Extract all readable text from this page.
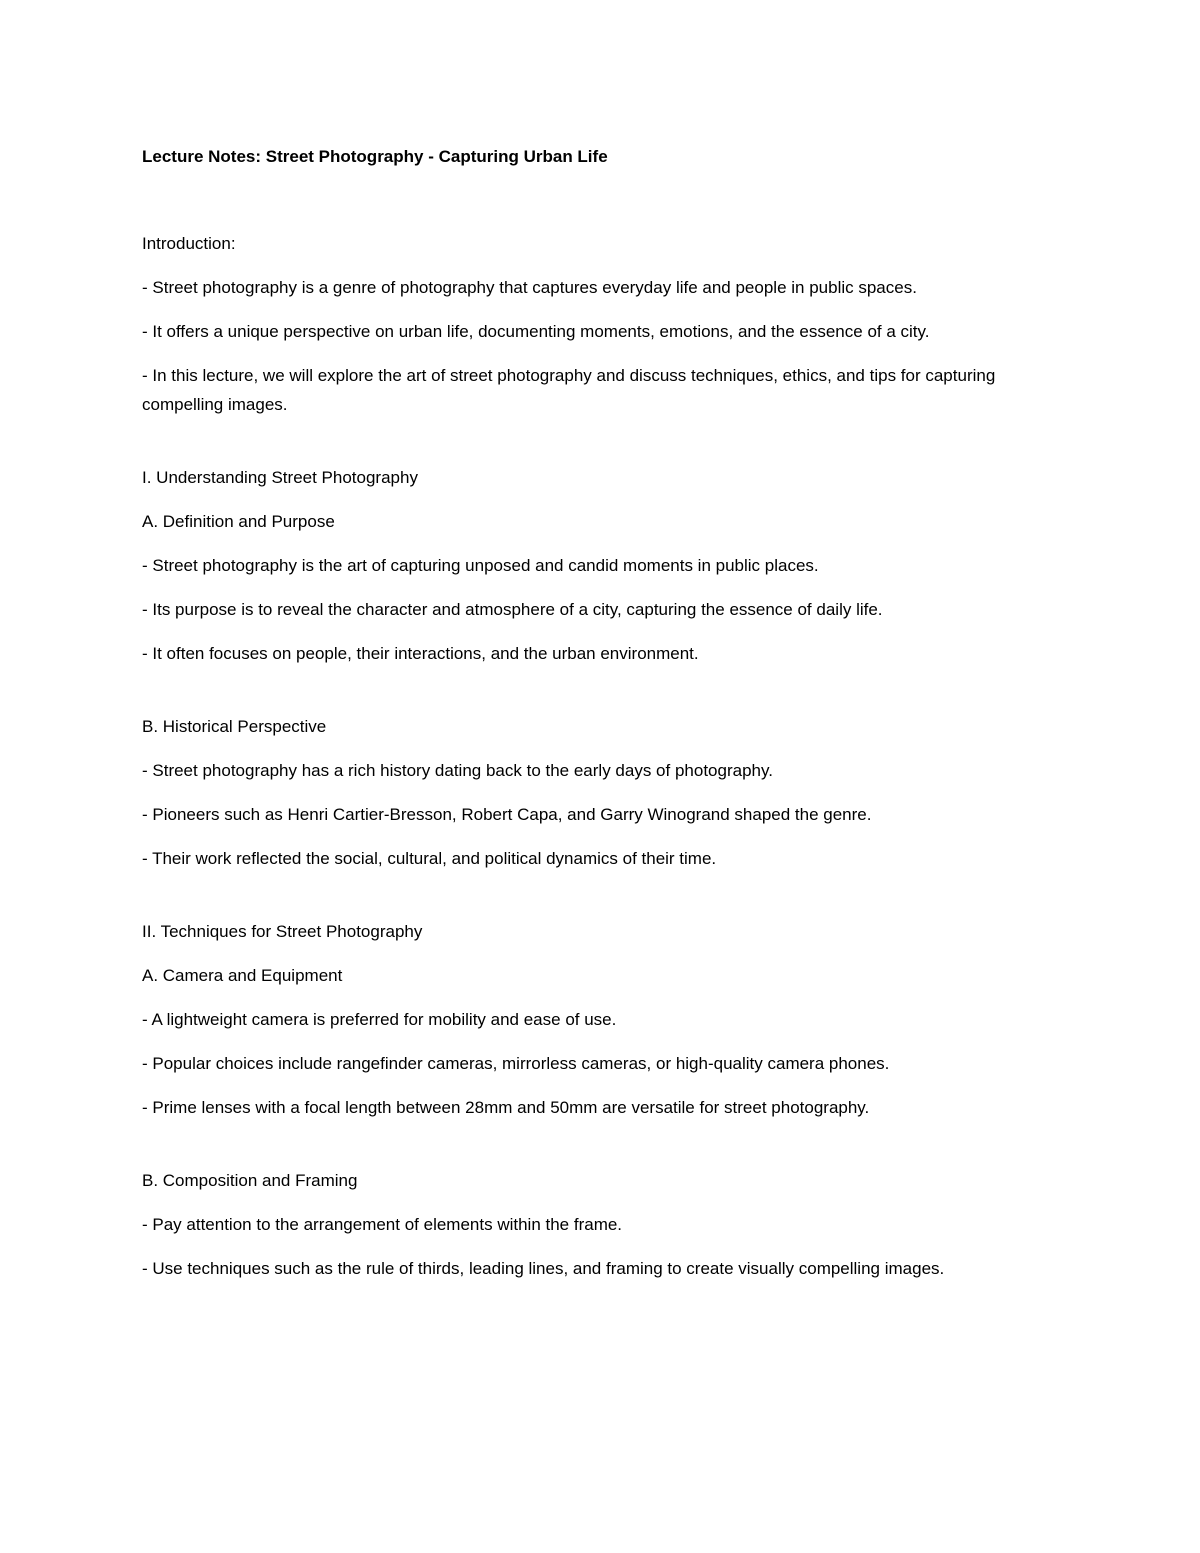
Lecture Notes: Street Photography - Capturing Urban Life
Introduction:
- Street photography is a genre of photography that captures everyday life and people in public spaces.
- It offers a unique perspective on urban life, documenting moments, emotions, and the essence of a city.
- In this lecture, we will explore the art of street photography and discuss techniques, ethics, and tips for capturing compelling images.
I. Understanding Street Photography
A. Definition and Purpose
- Street photography is the art of capturing unposed and candid moments in public places.
- Its purpose is to reveal the character and atmosphere of a city, capturing the essence of daily life.
- It often focuses on people, their interactions, and the urban environment.
B. Historical Perspective
- Street photography has a rich history dating back to the early days of photography.
- Pioneers such as Henri Cartier-Bresson, Robert Capa, and Garry Winogrand shaped the genre.
- Their work reflected the social, cultural, and political dynamics of their time.
II. Techniques for Street Photography
A. Camera and Equipment
- A lightweight camera is preferred for mobility and ease of use.
- Popular choices include rangefinder cameras, mirrorless cameras, or high-quality camera phones.
- Prime lenses with a focal length between 28mm and 50mm are versatile for street photography.
B. Composition and Framing
- Pay attention to the arrangement of elements within the frame.
- Use techniques such as the rule of thirds, leading lines, and framing to create visually compelling images.
